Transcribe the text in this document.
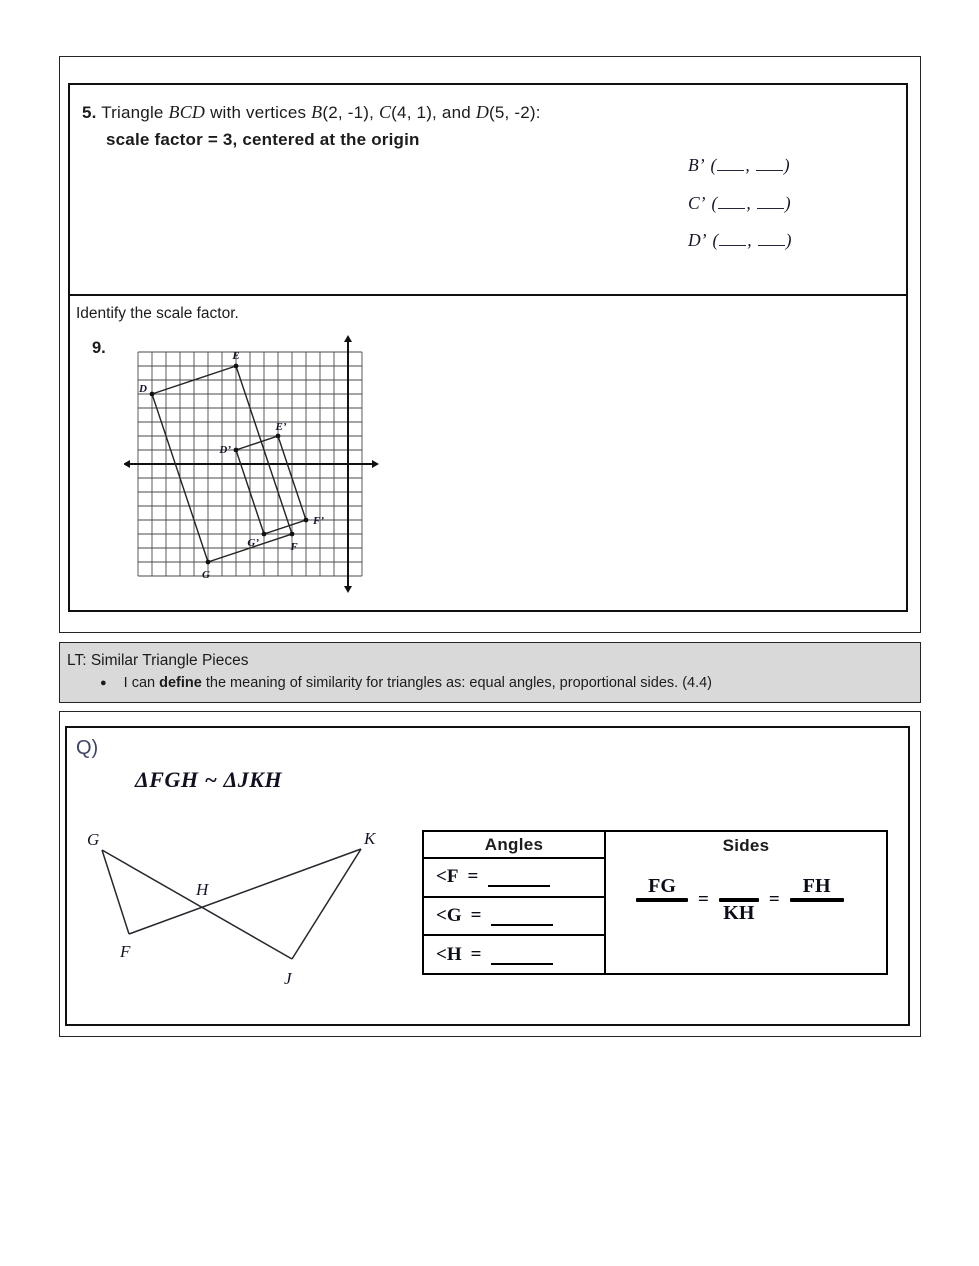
5. Triangle BCD with vertices B(2, -1), C(4, 1), and D(5, -2):
scale factor = 3, centered at the origin
B’ ( , )
C’ ( , )
D’ ( , )
Identify the scale factor.
9.
D
E
F
G
D’
E’
F’
G’
LT: Similar Triangle Pieces
● I can define the meaning of similarity for triangles as: equal angles, proportional sides. (4.4)
Q)
ΔFGH ~ ΔJKH
G	K
H
F
J
Angles
<F =
<G =
<H =
Sides
FG
=
KH
=
FH
